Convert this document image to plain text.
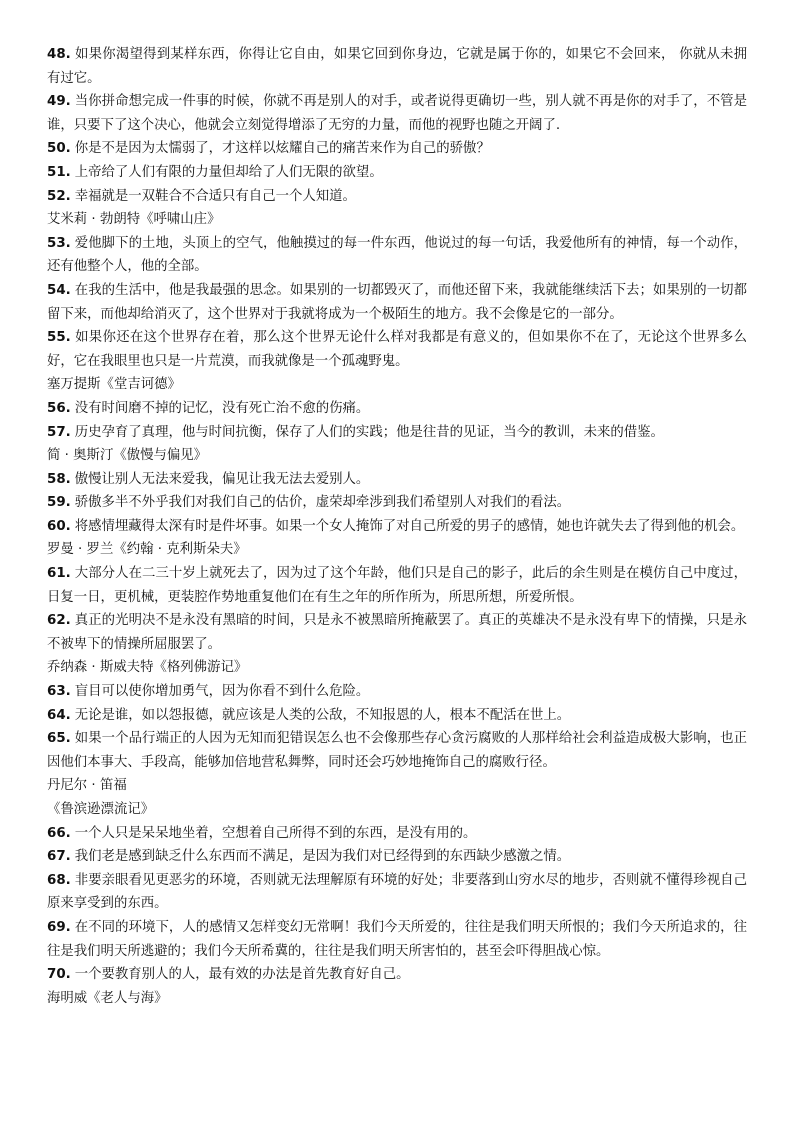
48. 如果你渴望得到某样东西，你得让它自由，如果它回到你身边，它就是属于你的，如果它不会回来， 你就从未拥有过它。

49. 当你拼命想完成一件事的时候，你就不再是别人的对手，或者说得更确切一些，别人就不再是你的对手了，不管是谁，只要下了这个决心，他就会立刻觉得增添了无穷的力量，而他的视野也随之开阔了.

50. 你是不是因为太懦弱了，才这样以炫耀自己的痛苦来作为自己的骄傲？

51. 上帝给了人们有限的力量但却给了人们无限的欲望。

52. 幸福就是一双鞋合不合适只有自己一个人知道。

艾米莉 · 勃朗特《呼啸山庄》

53. 爱他脚下的土地，头顶上的空气，他触摸过的每一件东西，他说过的每一句话，我爱他所有的神情，每一个动作，还有他整个人，他的全部。

54. 在我的生活中，他是我最强的思念。如果别的一切都毁灭了，而他还留下来，我就能继续活下去；如果别的一切都留下来，而他却给消灭了，这个世界对于我就将成为一个极陌生的地方。我不会像是它的一部分。

55. 如果你还在这个世界存在着，那么这个世界无论什么样对我都是有意义的，但如果你不在了，无论这个世界多么好，它在我眼里也只是一片荒漠，而我就像是一个孤魂野鬼。

塞万提斯《堂吉诃德》

56. 没有时间磨不掉的记忆，没有死亡治不愈的伤痛。

57. 历史孕育了真理，他与时间抗衡，保存了人们的实践；他是往昔的见证，当今的教训，未来的借鉴。

简 · 奥斯汀《傲慢与偏见》

58. 傲慢让别人无法来爱我，偏见让我无法去爱别人。

59. 骄傲多半不外乎我们对我们自己的估价，虚荣却牵涉到我们希望别人对我们的看法。

60. 将感情埋藏得太深有时是件坏事。如果一个女人掩饰了对自己所爱的男子的感情，她也许就失去了得到他的机会。

罗曼 · 罗兰《约翰 · 克利斯朵夫》

61. 大部分人在二三十岁上就死去了，因为过了这个年龄，他们只是自己的影子，此后的余生则是在模仿自己中度过，日复一日，更机械，更装腔作势地重复他们在有生之年的所作所为，所思所想，所爱所恨。

62. 真正的光明决不是永没有黑暗的时间，只是永不被黑暗所掩蔽罢了。真正的英雄决不是永没有卑下的情操，只是永不被卑下的情操所屈服罢了。

乔纳森 · 斯威夫特《格列佛游记》

63. 盲目可以使你增加勇气，因为你看不到什么危险。

64. 无论是谁，如以怨报德，就应该是人类的公敌，不知报恩的人，根本不配活在世上。

65. 如果一个品行端正的人因为无知而犯错误怎么也不会像那些存心贪污腐败的人那样给社会利益造成极大影响，也正因他们本事大、手段高，能够加倍地营私舞弊，同时还会巧妙地掩饰自己的腐败行径。

丹尼尔 · 笛福

《鲁滨逊漂流记》

66. 一个人只是呆呆地坐着，空想着自己所得不到的东西，是没有用的。

67. 我们老是感到缺乏什么东西而不满足，是因为我们对已经得到的东西缺少感激之情。

68. 非要亲眼看见更恶劣的环境，否则就无法理解原有环境的好处；非要落到山穷水尽的地步，否则就不懂得珍视自己原来享受到的东西。

69. 在不同的环境下，人的感情又怎样变幻无常啊！我们今天所爱的，往往是我们明天所恨的；我们今天所追求的，往往是我们明天所逃避的；我们今天所希冀的，往往是我们明天所害怕的，甚至会吓得胆战心惊。

70. 一个要教育别人的人，最有效的办法是首先教育好自己。

海明威《老人与海》
